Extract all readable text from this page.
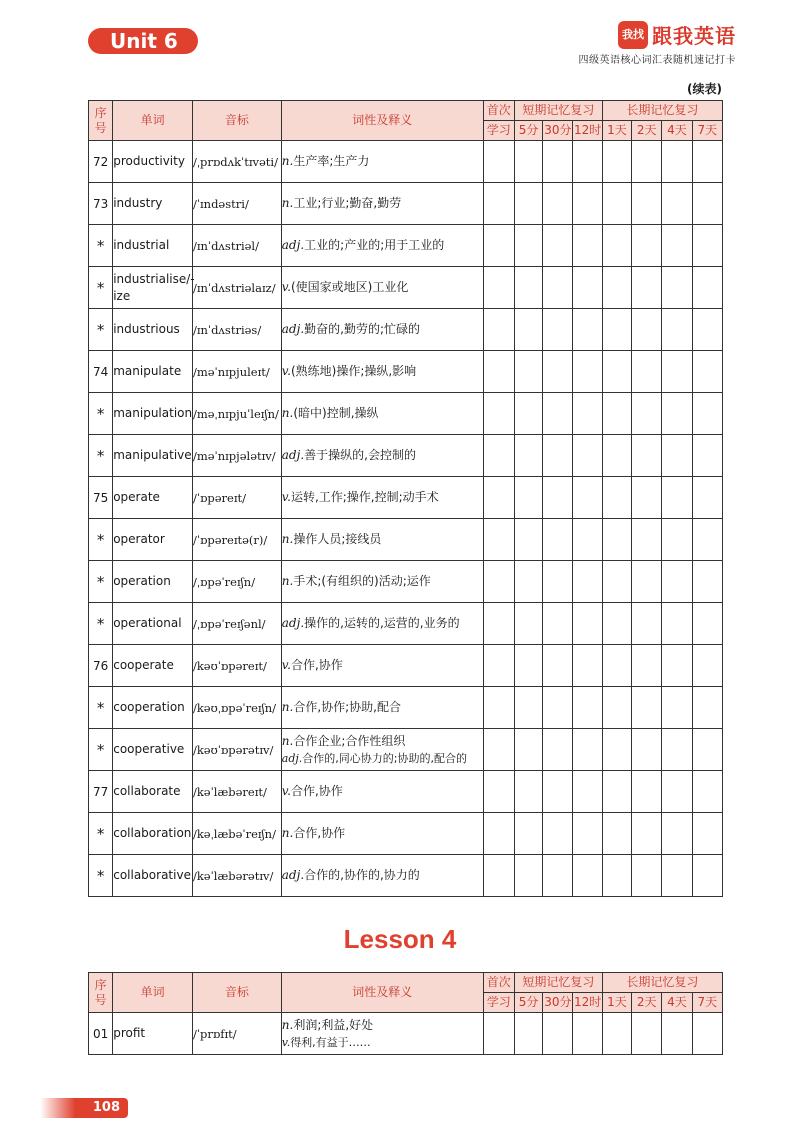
Unit 6	我找 跟我英语
四级英语核心词汇表随机速记打卡
(续表)
序号	单词	音标	词性及释义	首次	短期记忆复习			长期记忆复习			
				学习	5分	30分	12时	1天	2天	4天	7天
72	productivity	/ˌprɒdʌkˈtɪvəti/	n.生产率;生产力								

73	industry	/ˈɪndəstri/	n.工业;行业;勤奋,勤劳								

*	industrial	/ɪnˈdʌstriəl/	adj.工业的;产业的;用于工业的								

*	industrialise/-ize	/ɪnˈdʌstriəlaɪz/	v.(使国家或地区)工业化								

*	industrious	/ɪnˈdʌstriəs/	adj.勤奋的,勤劳的;忙碌的								

74	manipulate	/məˈnɪpjuleɪt/	v.(熟练地)操作;操纵,影响								

*	manipulation	/məˌnɪpjuˈleɪʃn/	n.(暗中)控制,操纵								

*	manipulative	/məˈnɪpjələtɪv/	adj.善于操纵的,会控制的								

75	operate	/ˈɒpəreɪt/	v.运转,工作;操作,控制;动手术								

*	operator	/ˈɒpəreɪtə(r)/	n.操作人员;接线员								

*	operation	/ˌɒpəˈreɪʃn/	n.手术;(有组织的)活动;运作								

*	operational	/ˌɒpəˈreɪʃənl/	adj.操作的,运转的,运营的,业务的								

76	cooperate	/kəʊˈɒpəreɪt/	v.合作,协作								

*	cooperation	/kəʊˌɒpəˈreɪʃn/	n.合作,协作;协助,配合								

*	cooperative	/kəʊˈɒpərətɪv/	n.合作企业;合作性组织
adj.合作的,同心协力的;协助的,配合的								

77	collaborate	/kəˈlæbəreɪt/	v.合作,协作								

*	collaboration	/kəˌlæbəˈreɪʃn/	n.合作,协作								

*	collaborative	/kəˈlæbərətɪv/	adj.合作的,协作的,协力的								

Lesson 4
序号	单词	音标	词性及释义	首次	短期记忆复习			长期记忆复习			
				学习	5分	30分	12时	1天	2天	4天	7天
01	profit	/ˈprɒfɪt/	n.利润;利益,好处
v.得利,有益于……								

108
